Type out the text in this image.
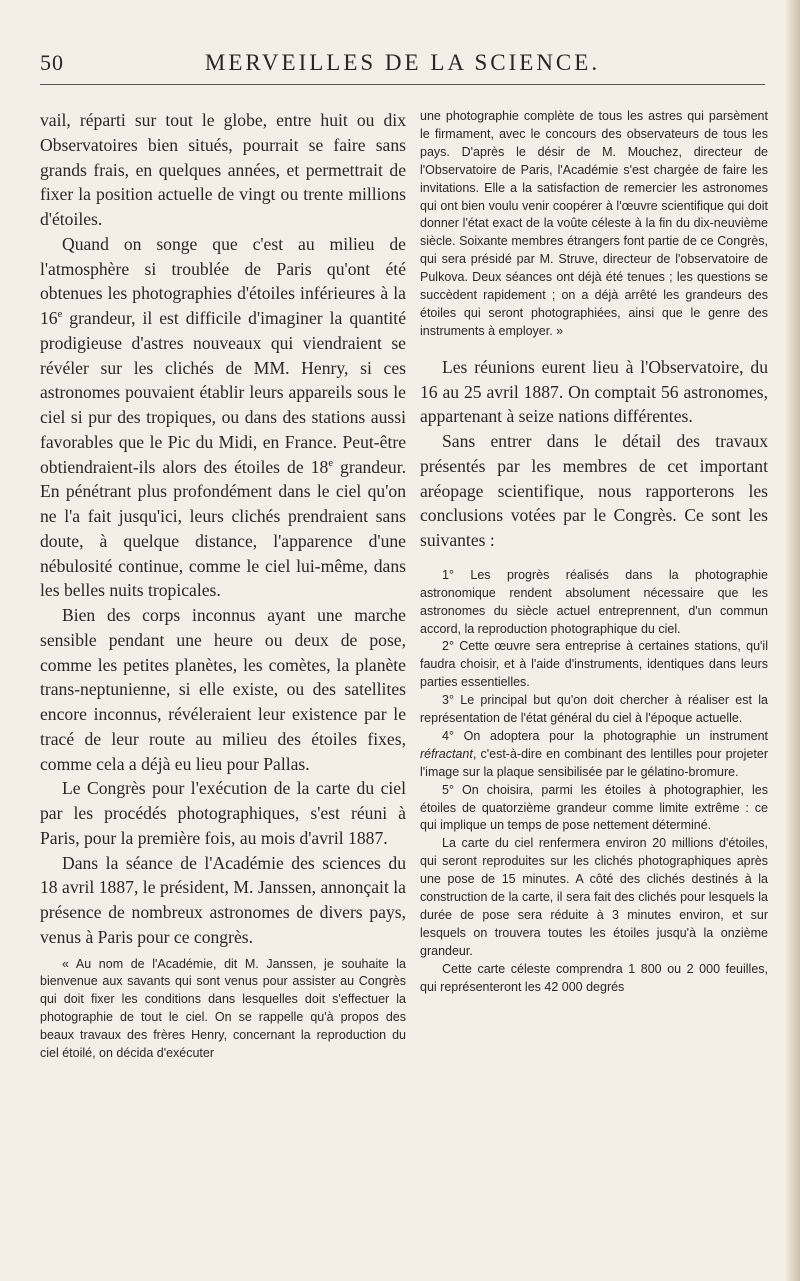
50	MERVEILLES DE LA SCIENCE.

vail, réparti sur tout le globe, entre huit ou dix Observatoires bien situés, pourrait se faire sans grands frais, en quelques années, et permettrait de fixer la position actuelle de vingt ou trente millions d'étoiles.

Quand on songe que c'est au milieu de l'atmosphère si troublée de Paris qu'ont été obtenues les photographies d'étoiles inférieures à la 16e grandeur, il est difficile d'imaginer la quantité prodigieuse d'astres nouveaux qui viendraient se révéler sur les clichés de MM. Henry, si ces astronomes pouvaient établir leurs appareils sous le ciel si pur des tropiques, ou dans des stations aussi favorables que le Pic du Midi, en France. Peut-être obtiendraient-ils alors des étoiles de 18e grandeur. En pénétrant plus profondément dans le ciel qu'on ne l'a fait jusqu'ici, leurs clichés prendraient sans doute, à quelque distance, l'apparence d'une nébulosité continue, comme le ciel lui-même, dans les belles nuits tropicales.

Bien des corps inconnus ayant une marche sensible pendant une heure ou deux de pose, comme les petites planètes, les comètes, la planète trans-neptunienne, si elle existe, ou des satellites encore inconnus, révéleraient leur existence par le tracé de leur route au milieu des étoiles fixes, comme cela a déjà eu lieu pour Pallas.

Le Congrès pour l'exécution de la carte du ciel par les procédés photographiques, s'est réuni à Paris, pour la première fois, au mois d'avril 1887.

Dans la séance de l'Académie des sciences du 18 avril 1887, le président, M. Janssen, annonçait la présence de nombreux astronomes de divers pays, venus à Paris pour ce congrès.

« Au nom de l'Académie, dit M. Janssen, je souhaite la bienvenue aux savants qui sont venus pour assister au Congrès qui doit fixer les conditions dans lesquelles doit s'effectuer la photographie de tout le ciel. On se rappelle qu'à propos des beaux travaux des frères Henry, concernant la reproduction du ciel étoilé, on décida d'exécuter

une photographie complète de tous les astres qui parsèment le firmament, avec le concours des observateurs de tous les pays. D'après le désir de M. Mouchez, directeur de l'Observatoire de Paris, l'Académie s'est chargée de faire les invitations. Elle a la satisfaction de remercier les astronomes qui ont bien voulu venir coopérer à l'œuvre scientifique qui doit donner l'état exact de la voûte céleste à la fin du dix-neuvième siècle. Soixante membres étrangers font partie de ce Congrès, qui sera présidé par M. Struve, directeur de l'observatoire de Pulkova. Deux séances ont déjà été tenues ; les questions se succèdent rapidement ; on a déjà arrêté les grandeurs des étoiles qui seront photographiées, ainsi que le genre des instruments à employer. »

Les réunions eurent lieu à l'Observatoire, du 16 au 25 avril 1887. On comptait 56 astronomes, appartenant à seize nations différentes.

Sans entrer dans le détail des travaux présentés par les membres de cet important aréopage scientifique, nous rapporterons les conclusions votées par le Congrès. Ce sont les suivantes :

1° Les progrès réalisés dans la photographie astronomique rendent absolument nécessaire que les astronomes du siècle actuel entreprennent, d'un commun accord, la reproduction photographique du ciel.

2° Cette œuvre sera entreprise à certaines stations, qu'il faudra choisir, et à l'aide d'instruments, identiques dans leurs parties essentielles.

3° Le principal but qu'on doit chercher à réaliser est la représentation de l'état général du ciel à l'époque actuelle.

4° On adoptera pour la photographie un instrument réfractant, c'est-à-dire en combinant des lentilles pour projeter l'image sur la plaque sensibilisée par le gélatino-bromure.

5° On choisira, parmi les étoiles à photographier, les étoiles de quatorzième grandeur comme limite extrême : ce qui implique un temps de pose nettement déterminé.

La carte du ciel renfermera environ 20 millions d'étoiles, qui seront reproduites sur les clichés photographiques après une pose de 15 minutes. A côté des clichés destinés à la construction de la carte, il sera fait des clichés pour lesquels la durée de pose sera réduite à 3 minutes environ, et sur lesquels on trouvera toutes les étoiles jusqu'à la onzième grandeur.

Cette carte céleste comprendra 1 800 ou 2 000 feuilles, qui représenteront les 42 000 degrés
